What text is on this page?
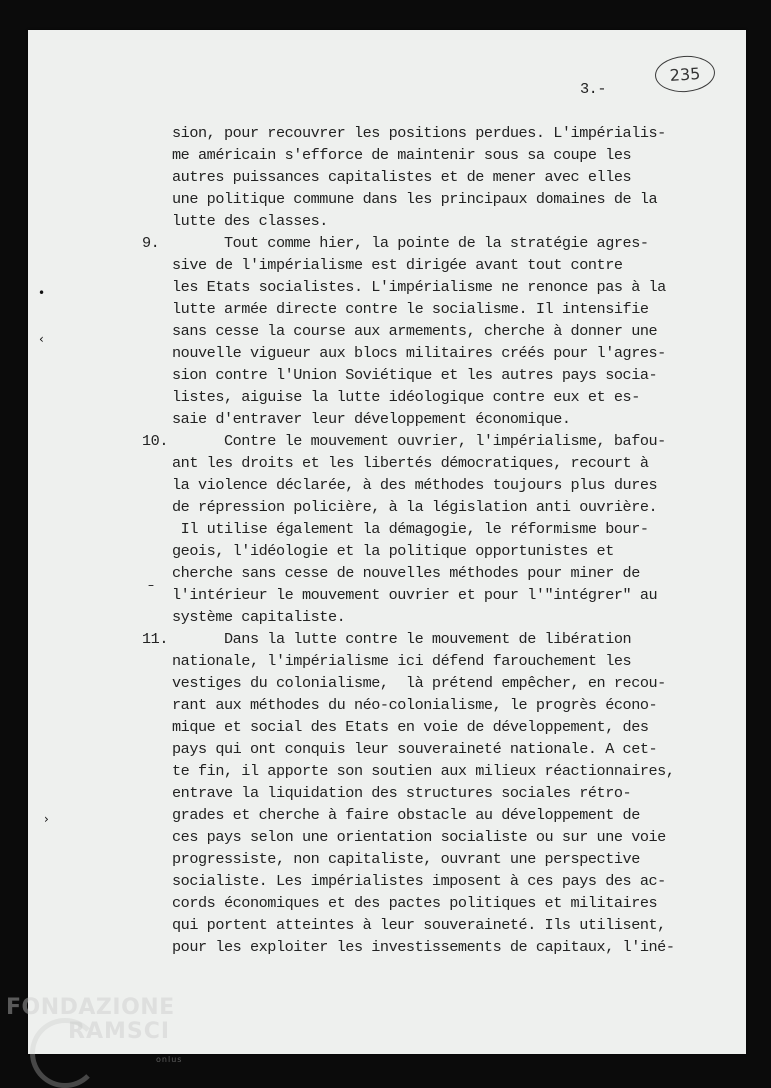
235
3.-
sion, pour recouvrer les positions perdues. L'impérialis-
me américain s'efforce de maintenir sous sa coupe les
autres puissances capitalistes et de mener avec elles
une politique commune dans les principaux domaines de la
lutte des classes.
9. Tout comme hier, la pointe de la stratégie agres-
sive de l'impérialisme est dirigée avant tout contre
les Etats socialistes. L'impérialisme ne renonce pas à la
lutte armée directe contre le socialisme. Il intensifie
sans cesse la course aux armements, cherche à donner une
nouvelle vigueur aux blocs militaires créés pour l'agres-
sion contre l'Union Soviétique et les autres pays socia-
listes, aiguise la lutte idéologique contre eux et es-
saie d'entraver leur développement économique.
10. Contre le mouvement ouvrier, l'impérialisme, bafou-
ant les droits et les libertés démocratiques, recourt à
la violence déclarée, à des méthodes toujours plus dures
de répression policière, à la législation anti ouvrière.
Il utilise également la démagogie, le réformisme bour-
geois, l'idéologie et la politique opportunistes et
cherche sans cesse de nouvelles méthodes pour miner de
l'intérieur le mouvement ouvrier et pour l'"intégrer" au
système capitaliste.
11. Dans la lutte contre le mouvement de libération
nationale, l'impérialisme ici défend farouchement les
vestiges du colonialisme,  là prétend empêcher, en recou-
rant aux méthodes du néo-colonialisme, le progrès écono-
mique et social des Etats en voie de développement, des
pays qui ont conquis leur souveraineté nationale. A cet-
te fin, il apporte son soutien aux milieux réactionnaires,
entrave la liquidation des structures sociales rétro-
grades et cherche à faire obstacle au développement de
ces pays selon une orientation socialiste ou sur une voie
progressiste, non capitaliste, ouvrant une perspective
socialiste. Les impérialistes imposent à ces pays des ac-
cords économiques et des pactes politiques et militaires
qui portent atteintes à leur souveraineté. Ils utilisent,
pour les exploiter les investissements de capitaux, l'iné-
•
‹
–
›
FONDAZIONE
RAMSCI
onlus
